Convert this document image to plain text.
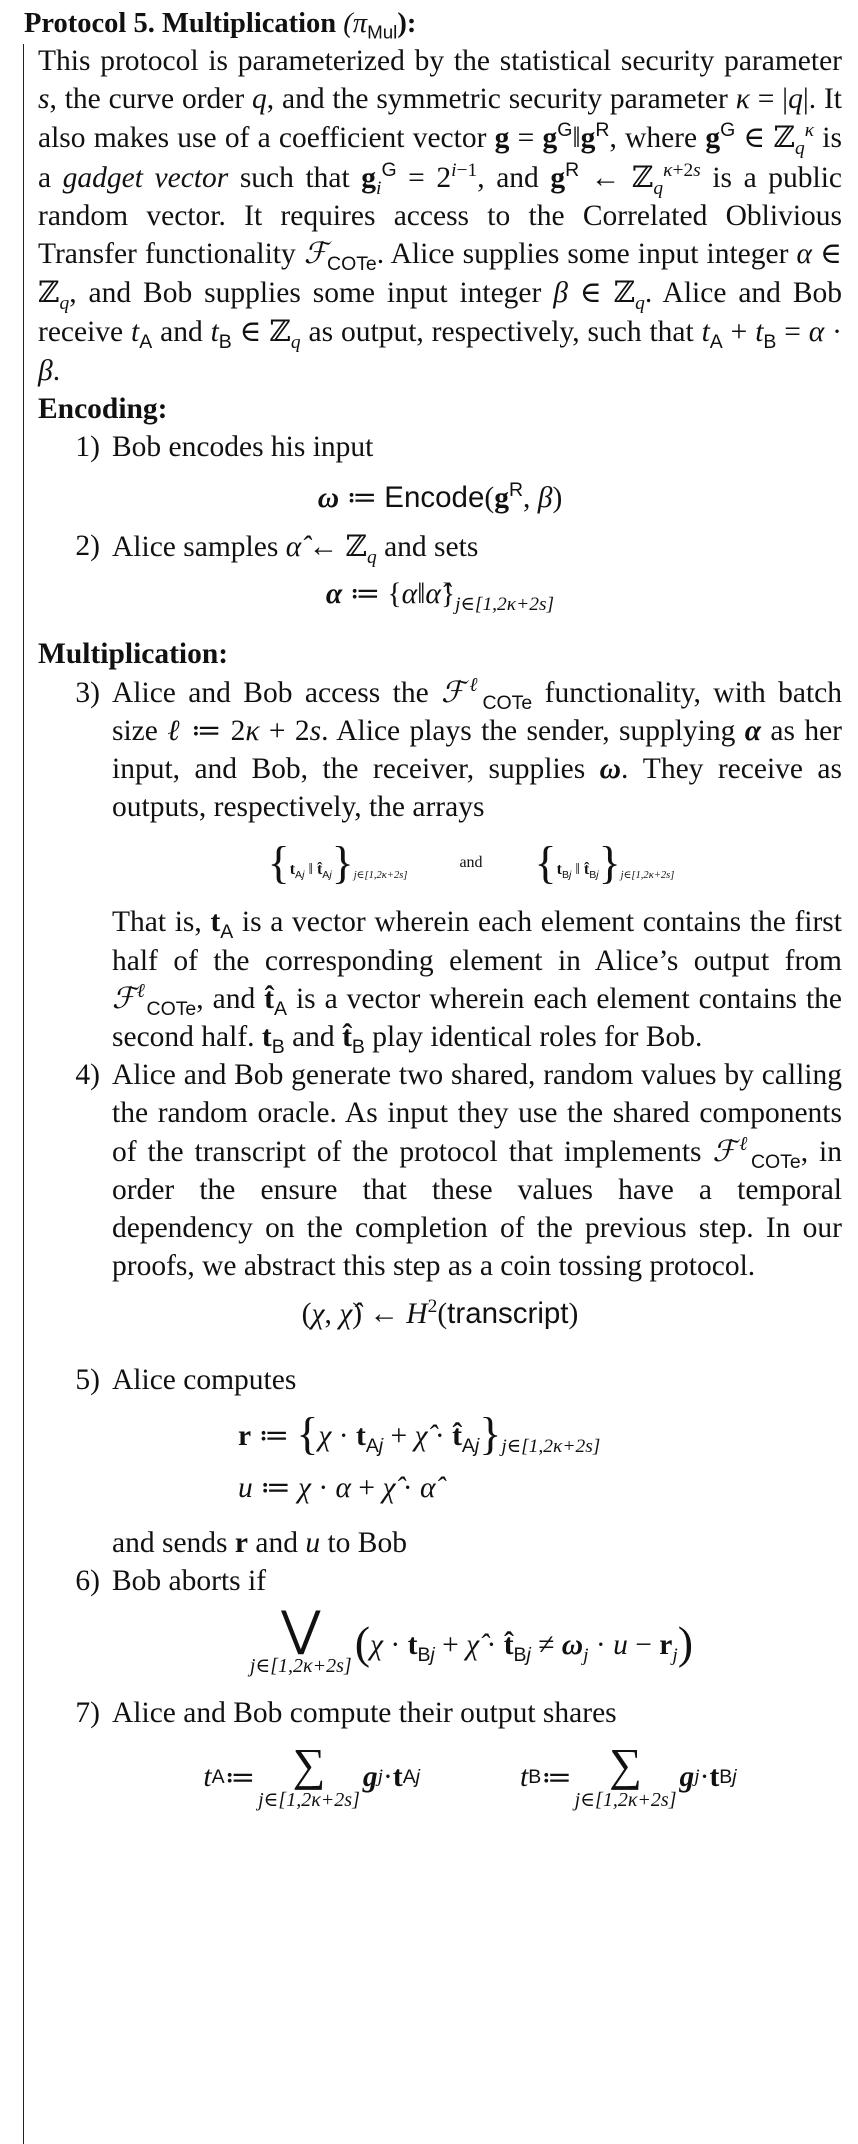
Protocol 5. Multiplication $(\pi_{Mul})$:

This protocol is parameterized by the statistical security parameter s, the curve order q, and the symmetric security parameter κ = |q|. It also makes use of a coefficient vector $g = g^G‖g^R$, where $g^G$ ∈ ℤ$_q^\kappa$ is a gadget vector such that $g_i^G = 2^{i-1}$, and $g^R$ ← ℤ$_q^{\kappa+2s}$ is a public random vector. It requires access to the Correlated Oblivious Transfer functionality ℱ$_{COTe}$. Alice supplies some input integer α ∈ ℤ$_q$, and Bob supplies some input integer β ∈ ℤ$_q$. Alice and Bob receive $t_A$ and $t_B$ ∈ ℤ$_q$ as output, respectively, such that $t_A + t_B = \alpha \cdot \beta$.

Encoding:

1) Bob encodes his input

ω ≔ $Encode(g^R$, β)

2) Alice samples α̂ ← ℤ$_q$ and sets

α ≔ $\{\alpha‖\alphâ\}_{j\in[1,2\kappa+2s]}$

Multiplication:

3) Alice and Bob access the ℱ$^\ell_{COTe}$ functionality, with batch size ℓ ≔ 2κ + 2s. Alice plays the sender, supplying α as her input, and Bob, the receiver, supplies ω. They receive as outputs, respectively, the arrays
{$t_{Aj}$ ‖ $t̂_{Aj}\}_{j\in[1,2\kappa+2s]}$
and {$t_{Bj}$ ‖ $t̂_{Bj}\}_{j\in[1,2\kappa+2s]}$
That is, $t_A$ is a vector wherein each element contains the first half of the corresponding element in Alice’s output from ℱ$^\ell_{COTe}$, and $t̂_A$ is a vector wherein each element contains the second half. $t_B$ and $t̂_B$ play identical roles for Bob.
4) Alice and Bob generate two shared, random values by calling the random oracle. As input they use the shared components of the transcript of the protocol that implements ℱ$^\ell_{COTe}$, in order the ensure that these values have a temporal dependency on the completion of the previous step. In our proofs, we abstract this step as a coin tossing protocol.

(χ, χ̂) ← $H^2(transcript)$

5) Alice computes
r ≔ {$\chi \cdot t_{Aj}$ + χ̂ · $t̂_{Aj}\}_{j\in[1,2\kappa+2s]}$
u ≔ χ · α + χ̂ · α̂
and sends r and u to Bob
6) Bob aborts if
⋁
j∈[1,2κ+2s] ($\chi \cdot t_{Bj}$ + χ̂ · $t̂_{Bj} \ne \omega_j \cdot u - r_j$)
7) Alice and Bob compute their output shares
t A ≔ ∑
j∈[1,2κ+2s]
g j · t Aj	t B ≔ ∑
j∈[1,2κ+2s]
g j · t Bj
